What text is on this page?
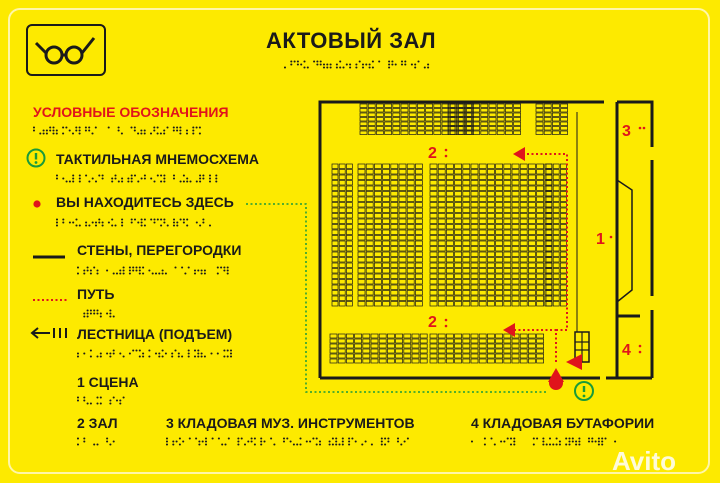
АКТОВЫЙ ЗАЛ
УСЛОВНЫЕ ОБОЗНАЧЕНИЯ
ТАКТИЛЬНАЯ МНЕМОСХЕМА
ВЫ НАХОДИТЕСЬ ЗДЕСЬ
СТЕНЫ, ПЕРЕГОРОДКИ
ПУТЬ
ЛЕСТНИЦА (ПОДЪЕМ)
1 СЦЕНА
2 ЗАЛ	3 КЛАДОВАЯ МУЗ. ИНСТРУМЕНТОВ	4 КЛАДОВАЯ БУТАФОРИИ
2
2
1
3
4
Avito
